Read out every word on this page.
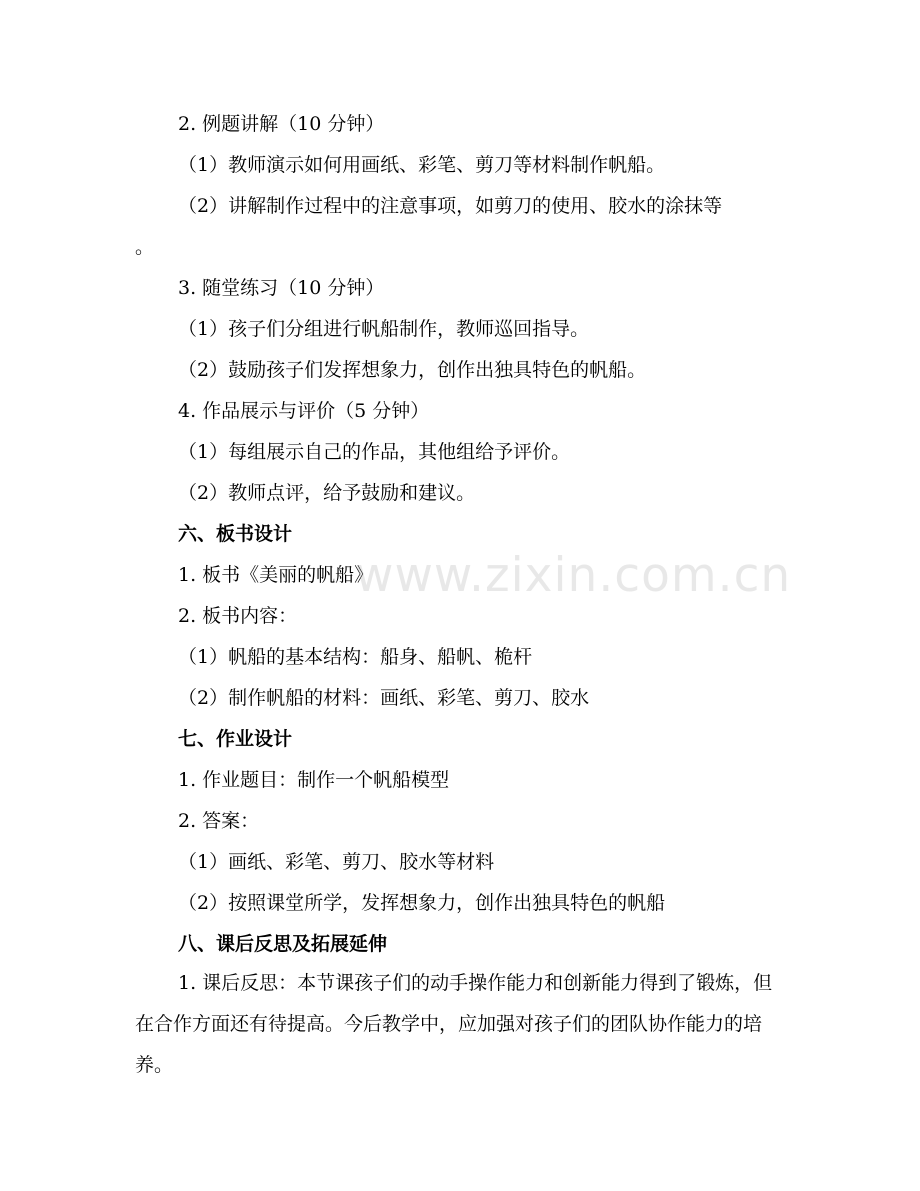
2. 例题讲解（10 分钟）

（1）教师演示如何用画纸、彩笔、剪刀等材料制作帆船。

（2）讲解制作过程中的注意事项，如剪刀的使用、胶水的涂抹等

。

3. 随堂练习（10 分钟）

（1）孩子们分组进行帆船制作，教师巡回指导。

（2）鼓励孩子们发挥想象力，创作出独具特色的帆船。

4. 作品展示与评价（5 分钟）

（1）每组展示自己的作品，其他组给予评价。

（2）教师点评，给予鼓励和建议。

六、板书设计

1. 板书《美丽的帆船》

2. 板书内容：

（1）帆船的基本结构：船身、船帆、桅杆

（2）制作帆船的材料：画纸、彩笔、剪刀、胶水

七、作业设计

1. 作业题目：制作一个帆船模型

2. 答案：

（1）画纸、彩笔、剪刀、胶水等材料

（2）按照课堂所学，发挥想象力，创作出独具特色的帆船

八、课后反思及拓展延伸

1. 课后反思：本节课孩子们的动手操作能力和创新能力得到了锻炼，但在合作方面还有待提高。今后教学中，应加强对孩子们的团队协作能力的培养。

www.zixin.com.cn
